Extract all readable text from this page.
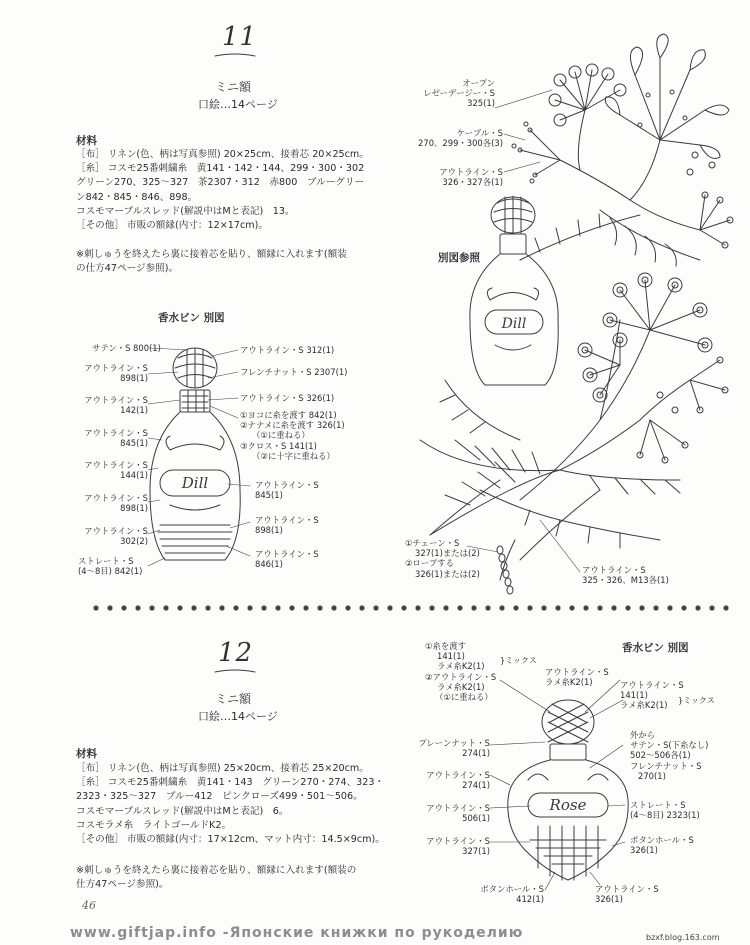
Dill
Dill
Rose
11
ミニ額
口絵…14ページ
材料
［布］ リネン(色、柄は写真参照) 20×25cm、接着芯 20×25cm。
［糸］ コスモ25番刺繍糸　黄141・142・144、299・300・302
グリーン270、325～327　茶2307・312　赤800　ブルーグリー
ン842・845・846、898。
コスモマーブルスレッド(解説中はMと表記)　13。
［その他］ 市販の額縁(内寸：12×17cm)。
※刺しゅうを終えたら裏に接着芯を貼り、額縁に入れます(額装
の仕方47ページ参照)。
香水ビン 別図
別図参照
サテン・S 800(1)
アウトライン・S
898(1)
アウトライン・S
142(1)
アウトライン・S
845(1)
アウトライン・S
144(1)
アウトライン・S
898(1)
アウトライン・S
302(2)
ストレート・S
(4～8目) 842(1)
アウトライン・S 312(1)
フレンチナット・S 2307(1)
アウトライン・S 326(1)
①ヨコに糸を渡す 842(1)
②ナナメに糸を渡す 326(1)
（①に重ねる）
③クロス・S 141(1)
（②に十字に重ねる）
アウトライン・S
845(1)
アウトライン・S
898(1)
アウトライン・S
846(1)
オープン
レゼーデージー・S
325(1)
ケーブル・S
270、299・300各(3)
アウトライン・S
326・327各(1)
①チェーン・S
327(1)または(2)
②ロープする
326(1)または(2)	アウトライン・S
325・326、M13各(1)
12
ミニ額
口絵…14ページ
材料
［布］ リネン(色、柄は写真参照) 25×20cm、接着芯 25×20cm。
［糸］ コスモ25番刺繍糸　黄141・143　グリーン270・274、323・
2323・325～327　ブルー412　ピンクローズ499・501～506。
コスモマーブルスレッド(解説中はMと表記)　6。
コスモラメ糸　ライトゴールドK2。
［その他］ 市販の額縁(内寸：17×12cm、マット内寸：14.5×9cm)。
※刺しゅうを終えたら裏に接着芯を貼り、額縁に入れます(額装の
仕方47ページ参照)。
香水ビン 別図
①糸を渡す
141(1)
ラメ糸K2(1)
②アウトライン・S
ラメ糸K2(1)
（①に重ねる）
}ミックス
プレーンナット・S
274(1)
アウトライン・S
274(1)
アウトライン・S
506(1)
アウトライン・S
327(1)
ボタンホール・S
412(1)
アウトライン・S
ラメ糸K2(1)	アウトライン・S
141(1)
ラメ糸K2(1)	}ミックス
外から
サテン・S(下糸なし)
502～506各(1)
フレンチナット・S
270(1)
ストレート・S
(4～8目) 2323(1)
ボタンホール・S
326(1)
アウトライン・S
326(1)
46
www.giftjap.info -Японские книжки по рукоделию	bzxf.blog.163.com
